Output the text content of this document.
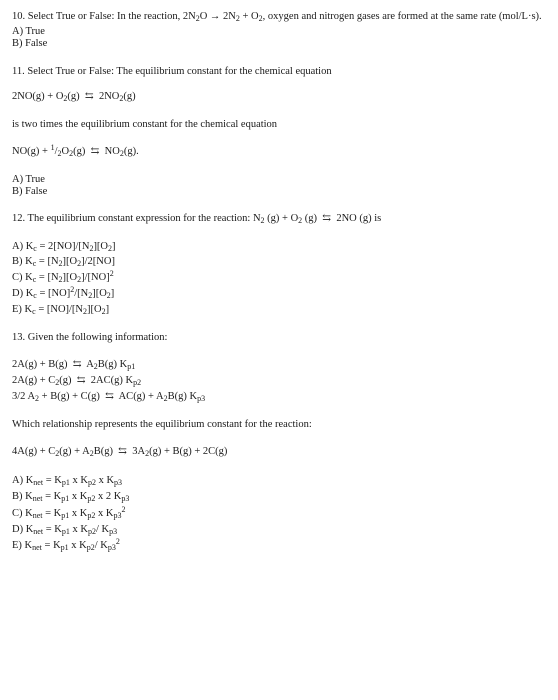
10. Select True or False: In the reaction, $2N_2O \to 2N_2 + O_2$, oxygen and nitrogen gases are formed at the same rate (mol/L·s).
A) True
B) False
11. Select True or False: The equilibrium constant for the chemical equation
$2NO(g) + O_2(g)$  ⇆  $2NO_2(g)$
is two times the equilibrium constant for the chemical equation
$NO(g) + ^1/_2O_2(g)$  ⇆  $NO_2(g)$.
A) True
B) False
12. The equilibrium constant expression for the reaction: $N_2$ $(g) + O_2$ (g)  ⇆  2NO (g) is
A) $K_c = 2[NO]/[N_2][O_2]$
B) $K_c = [N_2][O_2]/2[NO]$
C) $K_c = [N_2][O_2]/[NO]^2$
D) $K_c = [NO]^2/[N_2][O_2]$
E) $K_c = [NO]/[N_2][O_2]$
13. Given the following information:
2A(g) + B(g)  ⇆  $A_2B(g)$ $K_{p1}$
$2A(g) + C_2(g)$  ⇆  2AC(g) $K_{p2}$
3/2 $A_2 + B(g) + C(g)$  ⇆  $AC(g) + A_2B(g)$ $K_{p3}$
Which relationship represents the equilibrium constant for the reaction:
$4A(g) + C_2(g) + A_2B(g)$  ⇆  $3A_2(g) + B(g) + 2C(g)$
A) $K_{net} = K_{p1}$ x $K_{p2}$ x $K_{p3}$
B) $K_{net} = K_{p1}$ x $K_{p2}$ x 2 $K_{p3}$
C) $K_{net} = K_{p1}$ x $K_{p2}$ x $K_{p3}^2$
D) $K_{net} = K_{p1}$ x $K_{p2}/$ $K_{p3}$
E) $K_{net} = K_{p1}$ x $K_{p2}/$ $K_{p3}^2$
